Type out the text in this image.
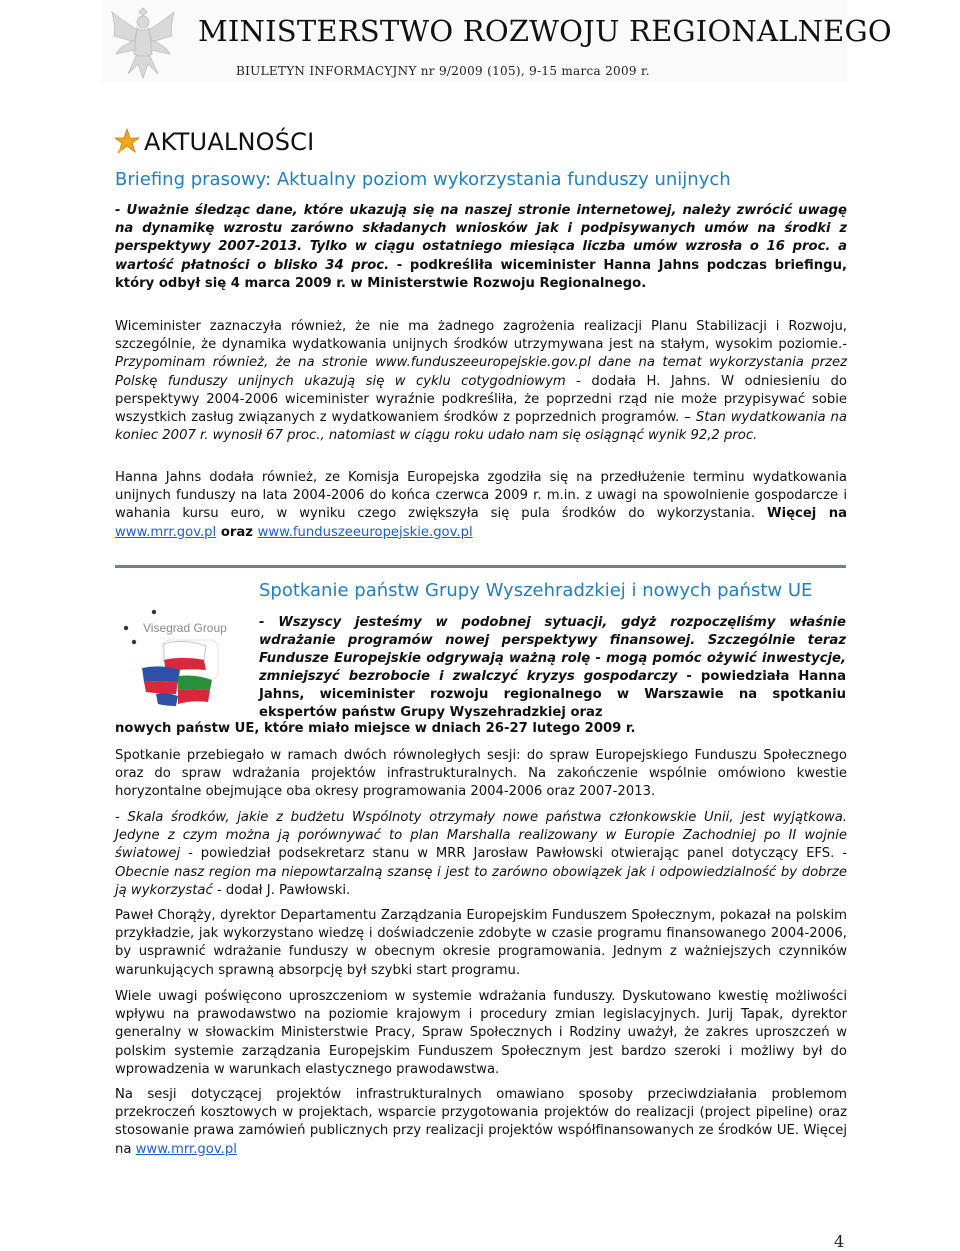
MINISTERSTWO ROZWOJU REGIONALNEGO
BIULETYN INFORMACYJNY nr 9/2009 (105), 9-15 marca 2009 r.
AKTUALNOŚCI
Briefing prasowy: Aktualny poziom wykorzystania funduszy unijnych

- Uważnie śledząc dane, które ukazują się na naszej stronie internetowej, należy zwrócić uwagę na dynamikę wzrostu zarówno składanych wniosków jak i podpisywanych umów na środki z perspektywy 2007-2013. Tylko w ciągu ostatniego miesiąca liczba umów wzrosła o 16 proc. a wartość płatności o blisko 34 proc. - podkreśliła wiceminister Hanna Jahns podczas briefingu, który odbył się 4 marca 2009 r. w Ministerstwie Rozwoju Regionalnego.

Wiceminister zaznaczyła również, że nie ma żadnego zagrożenia realizacji Planu Stabilizacji i Rozwoju, szczególnie, że dynamika wydatkowania unijnych środków utrzymywana jest na stałym, wysokim poziomie.- Przypominam również, że na stronie www.funduszeeuropejskie.gov.pl dane na temat wykorzystania przez Polskę funduszy unijnych ukazują się w cyklu cotygodniowym - dodała H. Jahns. W odniesieniu do perspektywy 2004-2006 wiceminister wyraźnie podkreśliła, że poprzedni rząd nie może przypisywać sobie wszystkich zasług związanych z wydatkowaniem środków z poprzednich programów. – Stan wydatkowania na koniec 2007 r. wynosił 67 proc., natomiast w ciągu roku udało nam się osiągnąć wynik 92,2 proc.

Hanna Jahns dodała również, ze Komisja Europejska zgodziła się na przedłużenie terminu wydatkowania unijnych funduszy na lata 2004-2006 do końca czerwca 2009 r. m.in. z uwagi na spowolnienie gospodarcze i wahania kursu euro, w wyniku czego zwiększyła się pula środków do wykorzystania. Więcej na www.mrr.gov.pl oraz www.funduszeeuropejskie.gov.pl

Visegrad Group
Spotkanie państw Grupy Wyszehradzkiej i nowych państw UE

- Wszyscy jesteśmy w podobnej sytuacji, gdyż rozpoczęliśmy właśnie wdrażanie programów nowej perspektywy finansowej. Szczególnie teraz Fundusze Europejskie odgrywają ważną rolę - mogą pomóc ożywić inwestycje, zmniejszyć bezrobocie i zwalczyć kryzys gospodarczy - powiedziała Hanna Jahns, wiceminister rozwoju regionalnego w Warszawie na spotkaniu ekspertów państw Grupy Wyszehradzkiej oraz

nowych państw UE, które miało miejsce w dniach 26-27 lutego 2009 r.

Spotkanie przebiegało w ramach dwóch równoległych sesji: do spraw Europejskiego Funduszu Społecznego oraz do spraw wdrażania projektów infrastrukturalnych. Na zakończenie wspólnie omówiono kwestie horyzontalne obejmujące oba okresy programowania 2004-2006 oraz 2007-2013.

- Skala środków, jakie z budżetu Wspólnoty otrzymały nowe państwa członkowskie Unii, jest wyjątkowa. Jedyne z czym można ją porównywać to plan Marshalla realizowany w Europie Zachodniej po II wojnie światowej - powiedział podsekretarz stanu w MRR Jarosław Pawłowski otwierając panel dotyczący EFS. - Obecnie nasz region ma niepowtarzalną szansę i jest to zarówno obowiązek jak i odpowiedzialność by dobrze ją wykorzystać - dodał J. Pawłowski.

Paweł Chorąży, dyrektor Departamentu Zarządzania Europejskim Funduszem Społecznym, pokazał na polskim przykładzie, jak wykorzystano wiedzę i doświadczenie zdobyte w czasie programu finansowanego 2004-2006, by usprawnić wdrażanie funduszy w obecnym okresie programowania. Jednym z ważniejszych czynników warunkujących sprawną absorpcję był szybki start programu.

Wiele uwagi poświęcono uproszczeniom w systemie wdrażania funduszy. Dyskutowano kwestię możliwości wpływu na prawodawstwo na poziomie krajowym i procedury zmian legislacyjnych. Jurij Tapak, dyrektor generalny w słowackim Ministerstwie Pracy, Spraw Społecznych i Rodziny uważył, że zakres uproszczeń w polskim systemie zarządzania Europejskim Funduszem Społecznym jest bardzo szeroki i możliwy był do wprowadzenia w warunkach elastycznego prawodawstwa.

Na sesji dotyczącej projektów infrastrukturalnych omawiano sposoby przeciwdziałania problemom przekroczeń kosztowych w projektach, wsparcie przygotowania projektów do realizacji (project pipeline) oraz stosowanie prawa zamówień publicznych przy realizacji projektów współfinansowanych ze środków UE. Więcej na www.mrr.gov.pl

4
